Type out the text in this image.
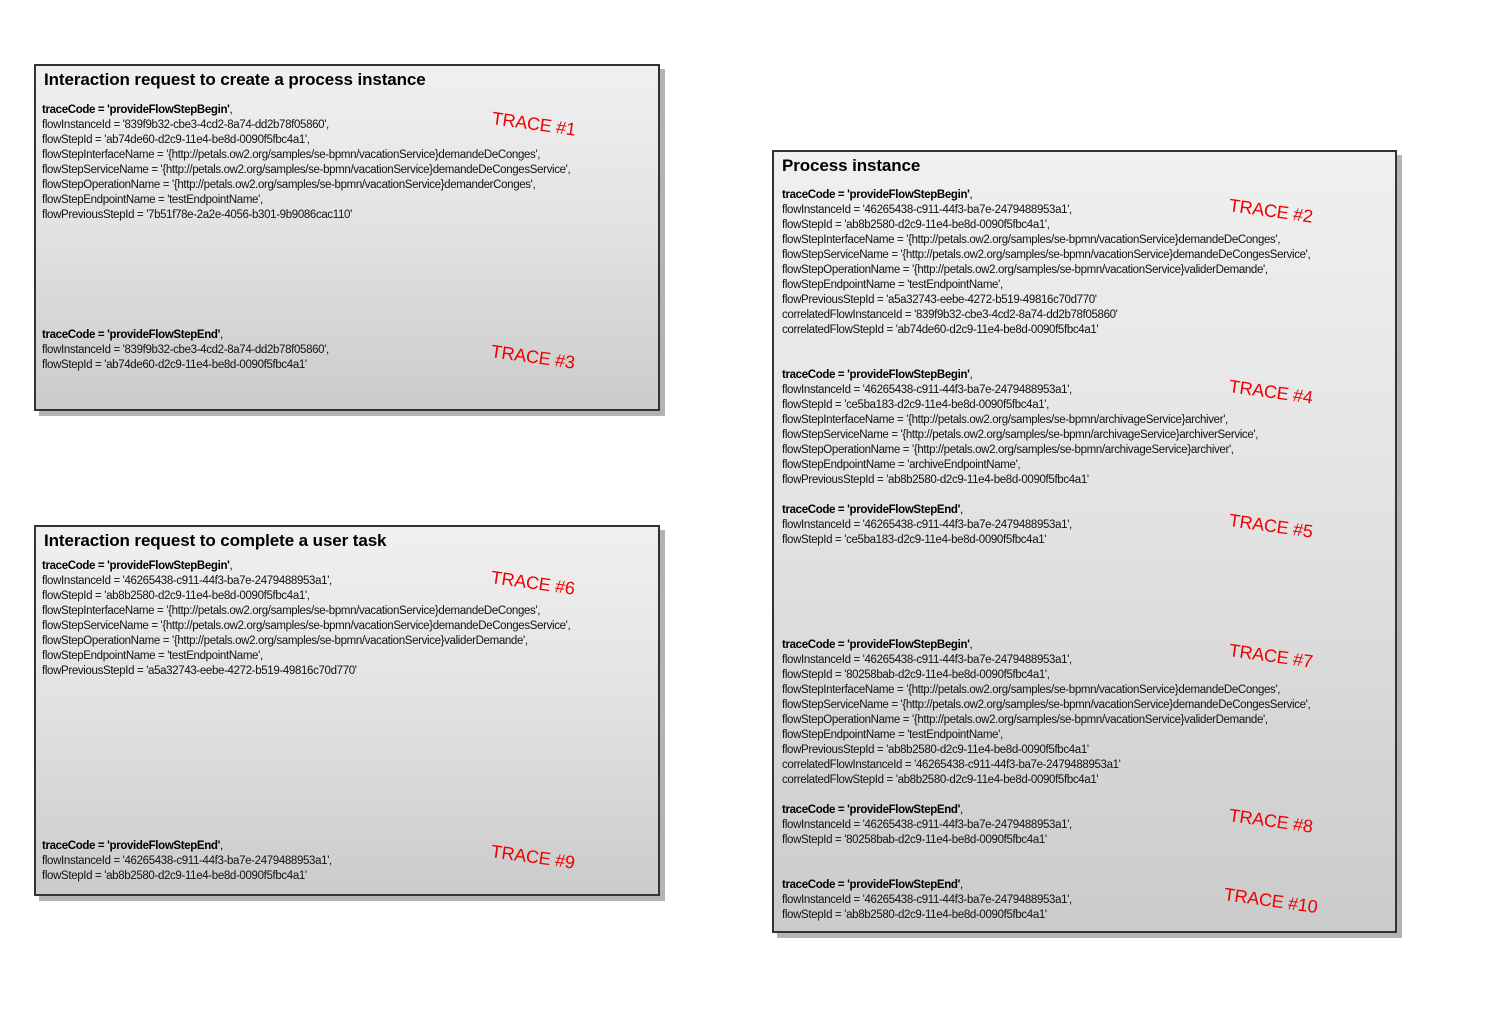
Interaction request to create a process instance
traceCode = 'provideFlowStepBegin',
flowInstanceId = '839f9b32-cbe3-4cd2-8a74-dd2b78f05860',
flowStepId = 'ab74de60-d2c9-11e4-be8d-0090f5fbc4a1',
flowStepInterfaceName = '{http://petals.ow2.org/samples/se-bpmn/vacationService}demandeDeConges',
flowStepServiceName = '{http://petals.ow2.org/samples/se-bpmn/vacationService}demandeDeCongesService',
flowStepOperationName = '{http://petals.ow2.org/samples/se-bpmn/vacationService}demanderConges',
flowStepEndpointName = 'testEndpointName',
flowPreviousStepId = '7b51f78e-2a2e-4056-b301-9b9086cac110'
TRACE #1
traceCode = 'provideFlowStepEnd',
flowInstanceId = '839f9b32-cbe3-4cd2-8a74-dd2b78f05860',
flowStepId = 'ab74de60-d2c9-11e4-be8d-0090f5fbc4a1'	TRACE #3
Interaction request to complete a user task
traceCode = 'provideFlowStepBegin',
flowInstanceId = '46265438-c911-44f3-ba7e-2479488953a1',
flowStepId = 'ab8b2580-d2c9-11e4-be8d-0090f5fbc4a1',
flowStepInterfaceName = '{http://petals.ow2.org/samples/se-bpmn/vacationService}demandeDeConges',
flowStepServiceName = '{http://petals.ow2.org/samples/se-bpmn/vacationService}demandeDeCongesService',
flowStepOperationName = '{http://petals.ow2.org/samples/se-bpmn/vacationService}validerDemande',
flowStepEndpointName = 'testEndpointName',
flowPreviousStepId = 'a5a32743-eebe-4272-b519-49816c70d770'
TRACE #6
traceCode = 'provideFlowStepEnd',
flowInstanceId = '46265438-c911-44f3-ba7e-2479488953a1',
flowStepId = 'ab8b2580-d2c9-11e4-be8d-0090f5fbc4a1'
TRACE #9
Process instance
traceCode = 'provideFlowStepBegin',
flowInstanceId = '46265438-c911-44f3-ba7e-2479488953a1',
flowStepId = 'ab8b2580-d2c9-11e4-be8d-0090f5fbc4a1',
flowStepInterfaceName = '{http://petals.ow2.org/samples/se-bpmn/vacationService}demandeDeConges',
flowStepServiceName = '{http://petals.ow2.org/samples/se-bpmn/vacationService}demandeDeCongesService',
flowStepOperationName = '{http://petals.ow2.org/samples/se-bpmn/vacationService}validerDemande',
flowStepEndpointName = 'testEndpointName',
flowPreviousStepId = 'a5a32743-eebe-4272-b519-49816c70d770'
correlatedFlowInstanceId = '839f9b32-cbe3-4cd2-8a74-dd2b78f05860'
correlatedFlowStepId = 'ab74de60-d2c9-11e4-be8d-0090f5fbc4a1'
TRACE #2
traceCode = 'provideFlowStepBegin',
flowInstanceId = '46265438-c911-44f3-ba7e-2479488953a1',
flowStepId = 'ce5ba183-d2c9-11e4-be8d-0090f5fbc4a1',
flowStepInterfaceName = '{http://petals.ow2.org/samples/se-bpmn/archivageService}archiver',
flowStepServiceName = '{http://petals.ow2.org/samples/se-bpmn/archivageService}archiverService',
flowStepOperationName = '{http://petals.ow2.org/samples/se-bpmn/archivageService}archiver',
flowStepEndpointName = 'archiveEndpointName',
flowPreviousStepId = 'ab8b2580-d2c9-11e4-be8d-0090f5fbc4a1'
TRACE #4
traceCode = 'provideFlowStepEnd',
flowInstanceId = '46265438-c911-44f3-ba7e-2479488953a1',
flowStepId = 'ce5ba183-d2c9-11e4-be8d-0090f5fbc4a1'	TRACE #5
traceCode = 'provideFlowStepBegin',
flowInstanceId = '46265438-c911-44f3-ba7e-2479488953a1',
flowStepId = '80258bab-d2c9-11e4-be8d-0090f5fbc4a1',
flowStepInterfaceName = '{http://petals.ow2.org/samples/se-bpmn/vacationService}demandeDeConges',
flowStepServiceName = '{http://petals.ow2.org/samples/se-bpmn/vacationService}demandeDeCongesService',
flowStepOperationName = '{http://petals.ow2.org/samples/se-bpmn/vacationService}validerDemande',
flowStepEndpointName = 'testEndpointName',
flowPreviousStepId = 'ab8b2580-d2c9-11e4-be8d-0090f5fbc4a1'
correlatedFlowInstanceId = '46265438-c911-44f3-ba7e-2479488953a1'
correlatedFlowStepId = 'ab8b2580-d2c9-11e4-be8d-0090f5fbc4a1'
TRACE #7
traceCode = 'provideFlowStepEnd',
flowInstanceId = '46265438-c911-44f3-ba7e-2479488953a1',
flowStepId = '80258bab-d2c9-11e4-be8d-0090f5fbc4a1'
TRACE #8
traceCode = 'provideFlowStepEnd',
flowInstanceId = '46265438-c911-44f3-ba7e-2479488953a1',
flowStepId = 'ab8b2580-d2c9-11e4-be8d-0090f5fbc4a1'	TRACE #10
